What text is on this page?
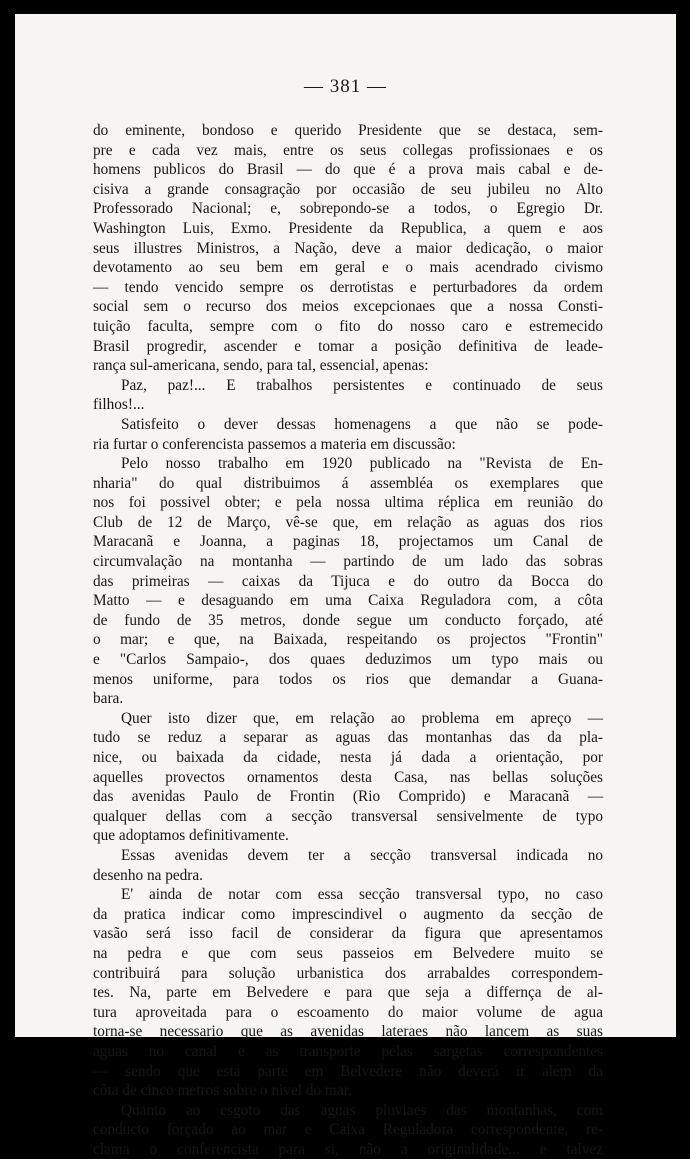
— 381 —
do eminente, bondoso e querido Presidente que se destaca, sem-
pre e cada vez mais, entre os seus collegas profissionaes e os
homens publicos do Brasil — do que é a prova mais cabal e de-
cisiva a grande consagração por occasião de seu jubileu no Alto
Professorado Nacional; e, sobrepondo-se a todos, o Egregio Dr.
Washington Luis, Exmo. Presidente da Republica, a quem e aos
seus illustres Ministros, a Nação, deve a maior dedicação, o maior
devotamento ao seu bem em geral e o mais acendrado civismo
— tendo vencido sempre os derrotistas e perturbadores da ordem
social sem o recurso dos meios excepcionaes que a nossa Consti-
tuição faculta, sempre com o fito do nosso caro e estremecido
Brasil progredir, ascender e tomar a posição definitiva de leade-
rança sul-americana, sendo, para tal, essencial, apenas:
Paz, paz!... E trabalhos persistentes e continuado de seus
filhos!...
Satisfeito o dever dessas homenagens a que não se pode-
ria furtar o conferencista passemos a materia em discussão:
Pelo nosso trabalho em 1920 publicado na "Revista de En-
nharia" do qual distribuimos á assembléa os exemplares que
nos foi possivel obter; e pela nossa ultima réplica em reunião do
Club de 12 de Março, vê-se que, em relação as aguas dos rios
Maracanã e Joanna, a paginas 18, projectamos um Canal de
circumvalação na montanha — partindo de um lado das sobras
das primeiras — caixas da Tijuca e do outro da Bocca do
Matto — e desaguando em uma Caixa Reguladora com, a côta
de fundo de 35 metros, donde segue um conducto forçado, até
o mar; e que, na Baixada, respeitando os projectos "Frontin"
e "Carlos Sampaio-, dos quaes deduzimos um typo mais ou
menos uniforme, para todos os rios que demandar a Guana-
bara.
Quer isto dizer que, em relação ao problema em apreço —
tudo se reduz a separar as aguas das montanhas das da pla-
nice, ou baixada da cidade, nesta já dada a orientação, por
aquelles provectos ornamentos desta Casa, nas bellas soluções
das avenidas Paulo de Frontin (Rio Comprido) e Maracanã —
qualquer dellas com a secção transversal sensivelmente de typo
que adoptamos definitivamente.
Essas avenidas devem ter a secção transversal indicada no
desenho na pedra.
E' ainda de notar com essa secção transversal typo, no caso
da pratica indicar como imprescindivel o augmento da secção de
vasão será isso facil de considerar da figura que apresentamos
na pedra e que com seus passeios em Belvedere muito se
contribuirá para solução urbanistica dos arrabaldes correspondem-
tes. Na, parte em Belvedere e para que seja a differnça de al-
tura aproveitada para o escoamento do maior volume de agua
torna-se necessario que as avenidas lateraes não lancem as suas
aguas no canal e as transporte pelas sargetas correspondentes
— sendo que esta parte em Belvedere não deverá ir além da
côta de cinco metros sobre o nivel do mar.
Quanto ao esgoto das aguas pluviaes das montanhas, com
conducto forçado ao mar e Caixa Reguladora correspondente, re-
clama o conferencista para si, não a originalidade... e talvez
